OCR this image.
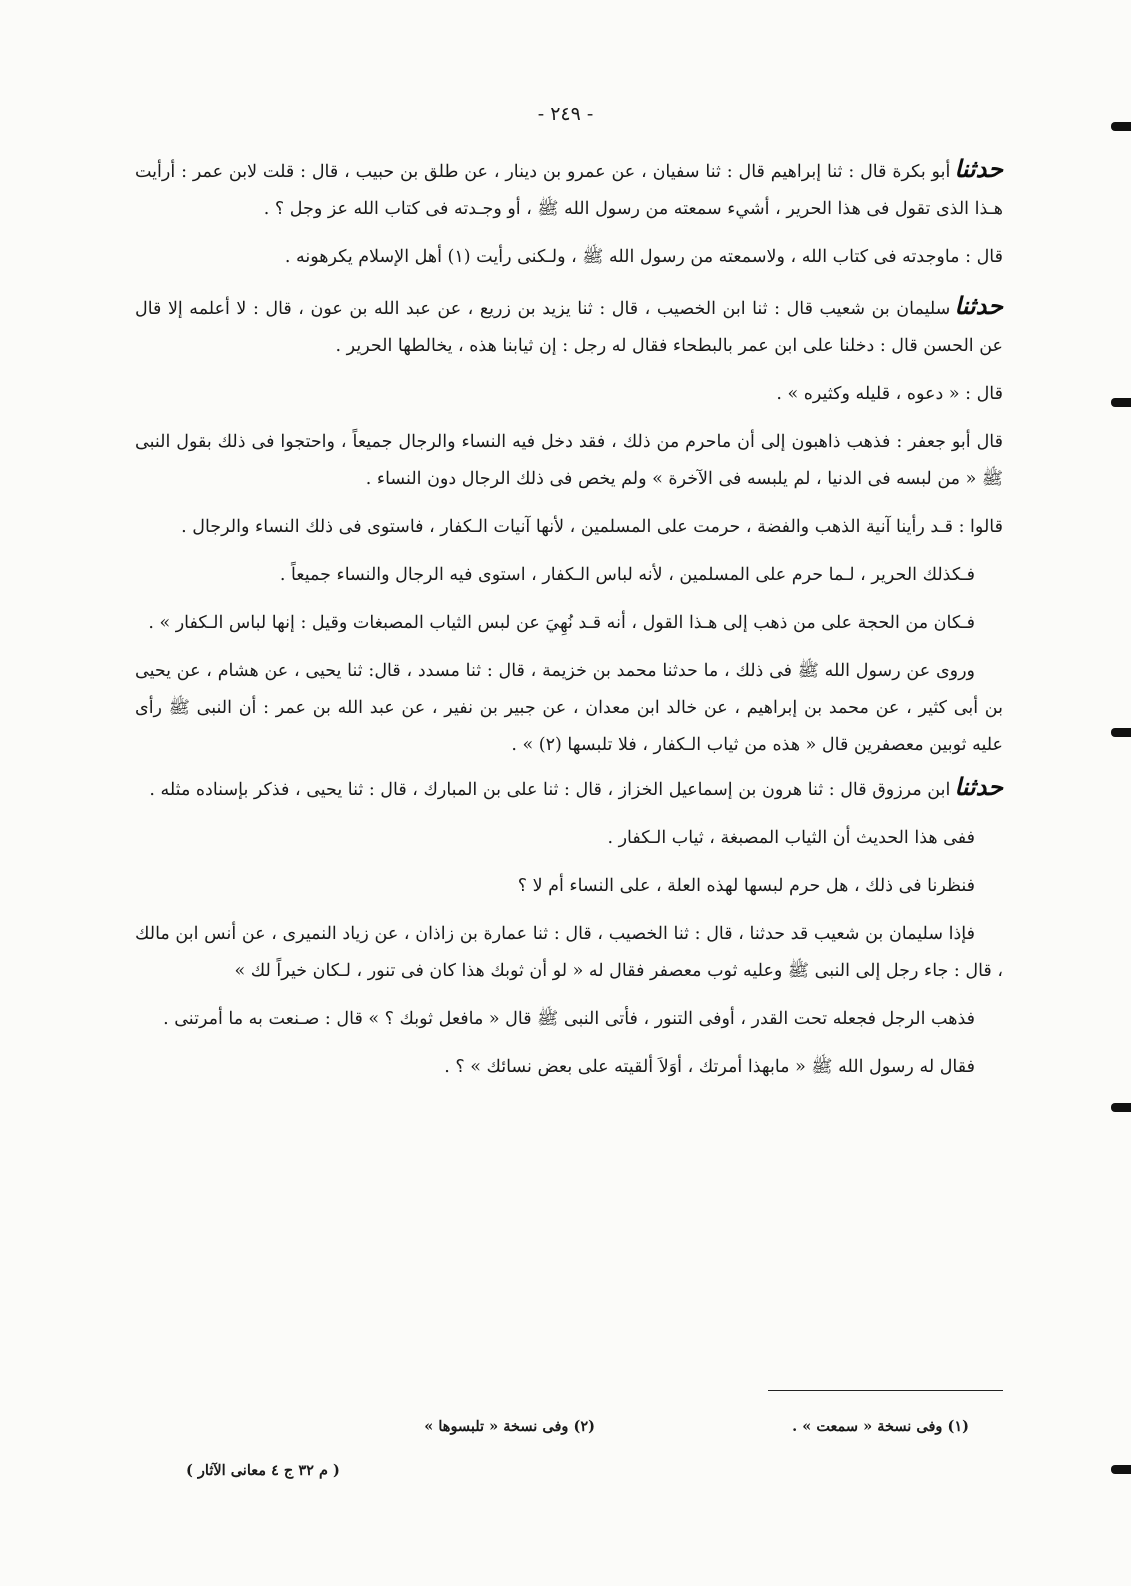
- ٢٤٩ -

حدثناأبو بكرة قال : ثنا إبراهيم قال : ثنا سفيان ، عن عمرو بن دينار ، عن طلق بن حبيب ، قال : قلت لابن عمر : أرأيت هـذا الذى تقول فى هذا الحرير ، أشيء سمعته من رسول الله ﷺ ، أو وجـدته فى كتاب الله عز وجل ؟ .

قال : ماوجدته فى كتاب الله ، ولاسمعته من رسول الله ﷺ ، ولـكنى رأيت (١) أهل الإسلام يكرهونه .

حدثناسليمان بن شعيب قال : ثنا ابن الخصيب ، قال : ثنا يزيد بن زريع ، عن عبد الله بن عون ، قال : لا أعلمه إلا قال عن الحسن قال : دخلنا على ابن عمر بالبطحاء فقال له رجل : إن ثيابنا هذه ، يخالطها الحرير .

قال : « دعوه ، قليله وكثيره » .

قال أبو جعفر : فذهب ذاهبون إلى أن ماحرم من ذلك ، فقد دخل فيه النساء والرجال جميعاً ، واحتجوا فى ذلك بقول النبى ﷺ « من لبسه فى الدنيا ، لم يلبسه فى الآخرة » ولم يخص فى ذلك الرجال دون النساء .

قالوا : قـد رأينا آنية الذهب والفضة ، حرمت على المسلمين ، لأنها آنيات الـكفار ، فاستوى فى ذلك النساء والرجال .

فـكذلك الحرير ، لـما حرم على المسلمين ، لأنه لباس الـكفار ، استوى فيه الرجال والنساء جميعاً .

فـكان من الحجة على من ذهب إلى هـذا القول ، أنه قـد نُهِيَ عن لبس الثياب المصبغات وقيل : إنها لباس الـكفار » .

وروى عن رسول الله ﷺ فى ذلك ، ما حدثنا محمد بن خزيمة ، قال : ثنا مسدد ، قال: ثنا يحيى ، عن هشام ، عن يحيى بن أبى كثير ، عن محمد بن إبراهيم ، عن خالد ابن معدان ، عن جبير بن نفير ، عن عبد الله بن عمر : أن النبى ﷺ رأى عليه ثوبين معصفرين قال « هذه من ثياب الـكفار ، فلا تلبسها (٢) » .

حدثناابن مرزوق قال : ثنا هرون بن إسماعيل الخزاز ، قال : ثنا على بن المبارك ، قال : ثنا يحيى ، فذكر بإسناده مثله .

ففى هذا الحديث أن الثياب المصبغة ، ثياب الـكفار .

فنظرنا فى ذلك ، هل حرم لبسها لهذه العلة ، على النساء أم لا ؟

فإذا سليمان بن شعيب قد حدثنا ، قال : ثنا الخصيب ، قال : ثنا عمارة بن زاذان ، عن زياد النميرى ، عن أنس ابن مالك ، قال : جاء رجل إلى النبى ﷺ وعليه ثوب معصفر فقال له « لو أن ثوبك هذا كان فى تنور ، لـكان خيراً لك »

فذهب الرجل فجعله تحت القدر ، أوفى التنور ، فأتى النبى ﷺ قال « مافعل ثوبك ؟ » قال : صـنعت به ما أمرتنى .

فقال له رسول الله ﷺ « مابهذا أمرتك ، أوَلاَ ألقيته على بعض نسائك » ؟ .

(١) وفى نسخة « سمعت » .
(٢) وفى نسخة « تلبسوها »
( م ٣٢ ج ٤ معانى الآثار )
